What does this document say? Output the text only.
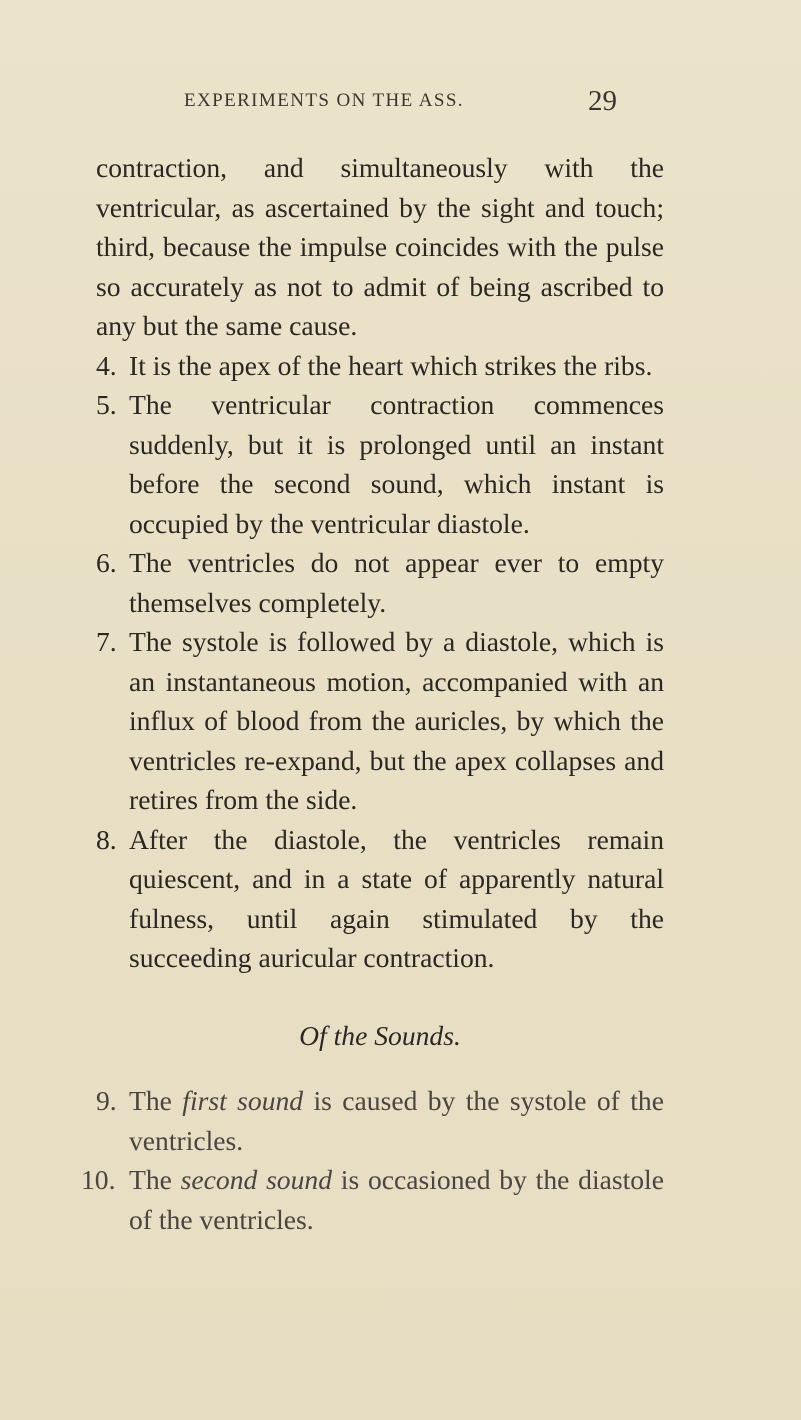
EXPERIMENTS ON THE ASS.	29

contraction, and simultaneously with the ventricular, as ascertained by the sight and touch; third, because the impulse coincides with the pulse so accurately as not to admit of being ascribed to any but the same cause.

4. It is the apex of the heart which strikes the ribs.

5. The ventricular contraction commences suddenly, but it is prolonged until an instant before the second sound, which instant is occupied by the ventricular diastole.

6. The ventricles do not appear ever to empty themselves completely.

7. The systole is followed by a diastole, which is an instantaneous motion, accompanied with an influx of blood from the auricles, by which the ventricles re-expand, but the apex collapses and retires from the side.

8. After the diastole, the ventricles remain quiescent, and in a state of apparently natural fulness, until again stimulated by the succeeding auricular contraction.

Of the Sounds.

9. The first sound is caused by the systole of the ventricles.

10. The second sound is occasioned by the diastole of the ventricles.
